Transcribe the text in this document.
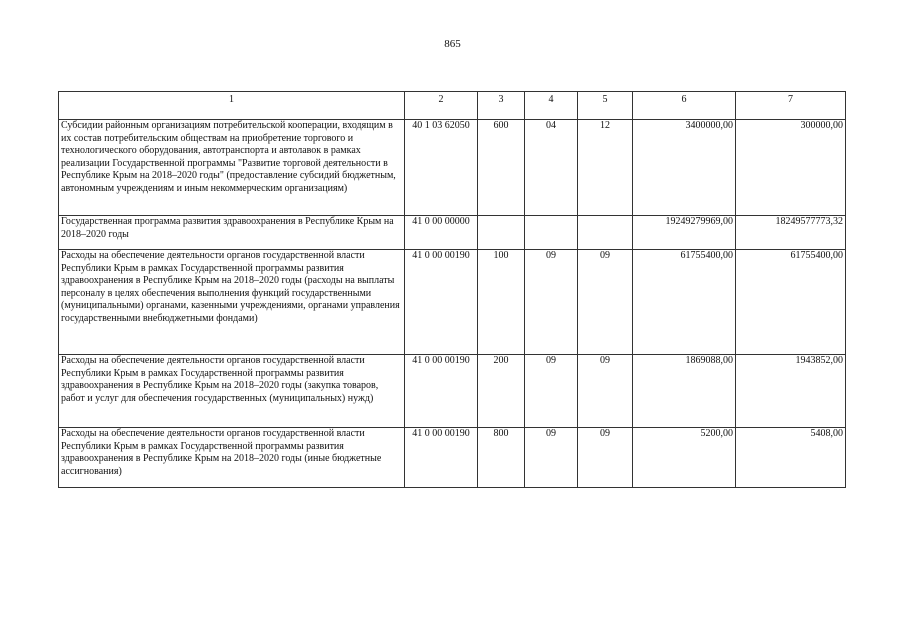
865
1	2	3	4	5	6	7
Субсидии районным организациям потребительской кооперации, входящим в их состав потребительским обществам на приобретение торгового и технологического оборудования, автотранспорта и автолавок в рамках реализации Государственной программы "Развитие торговой деятельности в Республике Крым на 2018–2020 годы" (предоставление субсидий бюджетным, автономным учреждениям и иным некоммерческим организациям)	40 1 03 62050	600	04	12	3400000,00	300000,00
Государственная программа развития здравоохранения в Республике Крым на 2018–2020 годы	41 0 00 00000				19249279969,00	18249577773,32
Расходы на обеспечение деятельности органов государственной власти Республики Крым в рамках Государственной программы развития здравоохранения в Республике Крым на 2018–2020 годы (расходы на выплаты персоналу в целях обеспечения выполнения функций государственными (муниципальными) органами, казенными учреждениями, органами управления государственными внебюджетными фондами)	41 0 00 00190	100	09	09	61755400,00	61755400,00
Расходы на обеспечение деятельности органов государственной власти Республики Крым в рамках Государственной программы развития здравоохранения в Республике Крым на 2018–2020 годы (закупка товаров, работ и услуг для обеспечения государственных (муниципальных) нужд)	41 0 00 00190	200	09	09	1869088,00	1943852,00
Расходы на обеспечение деятельности органов государственной власти Республики Крым в рамках Государственной программы развития здравоохранения в Республике Крым на 2018–2020 годы (иные бюджетные ассигнования)	41 0 00 00190	800	09	09	5200,00	5408,00
